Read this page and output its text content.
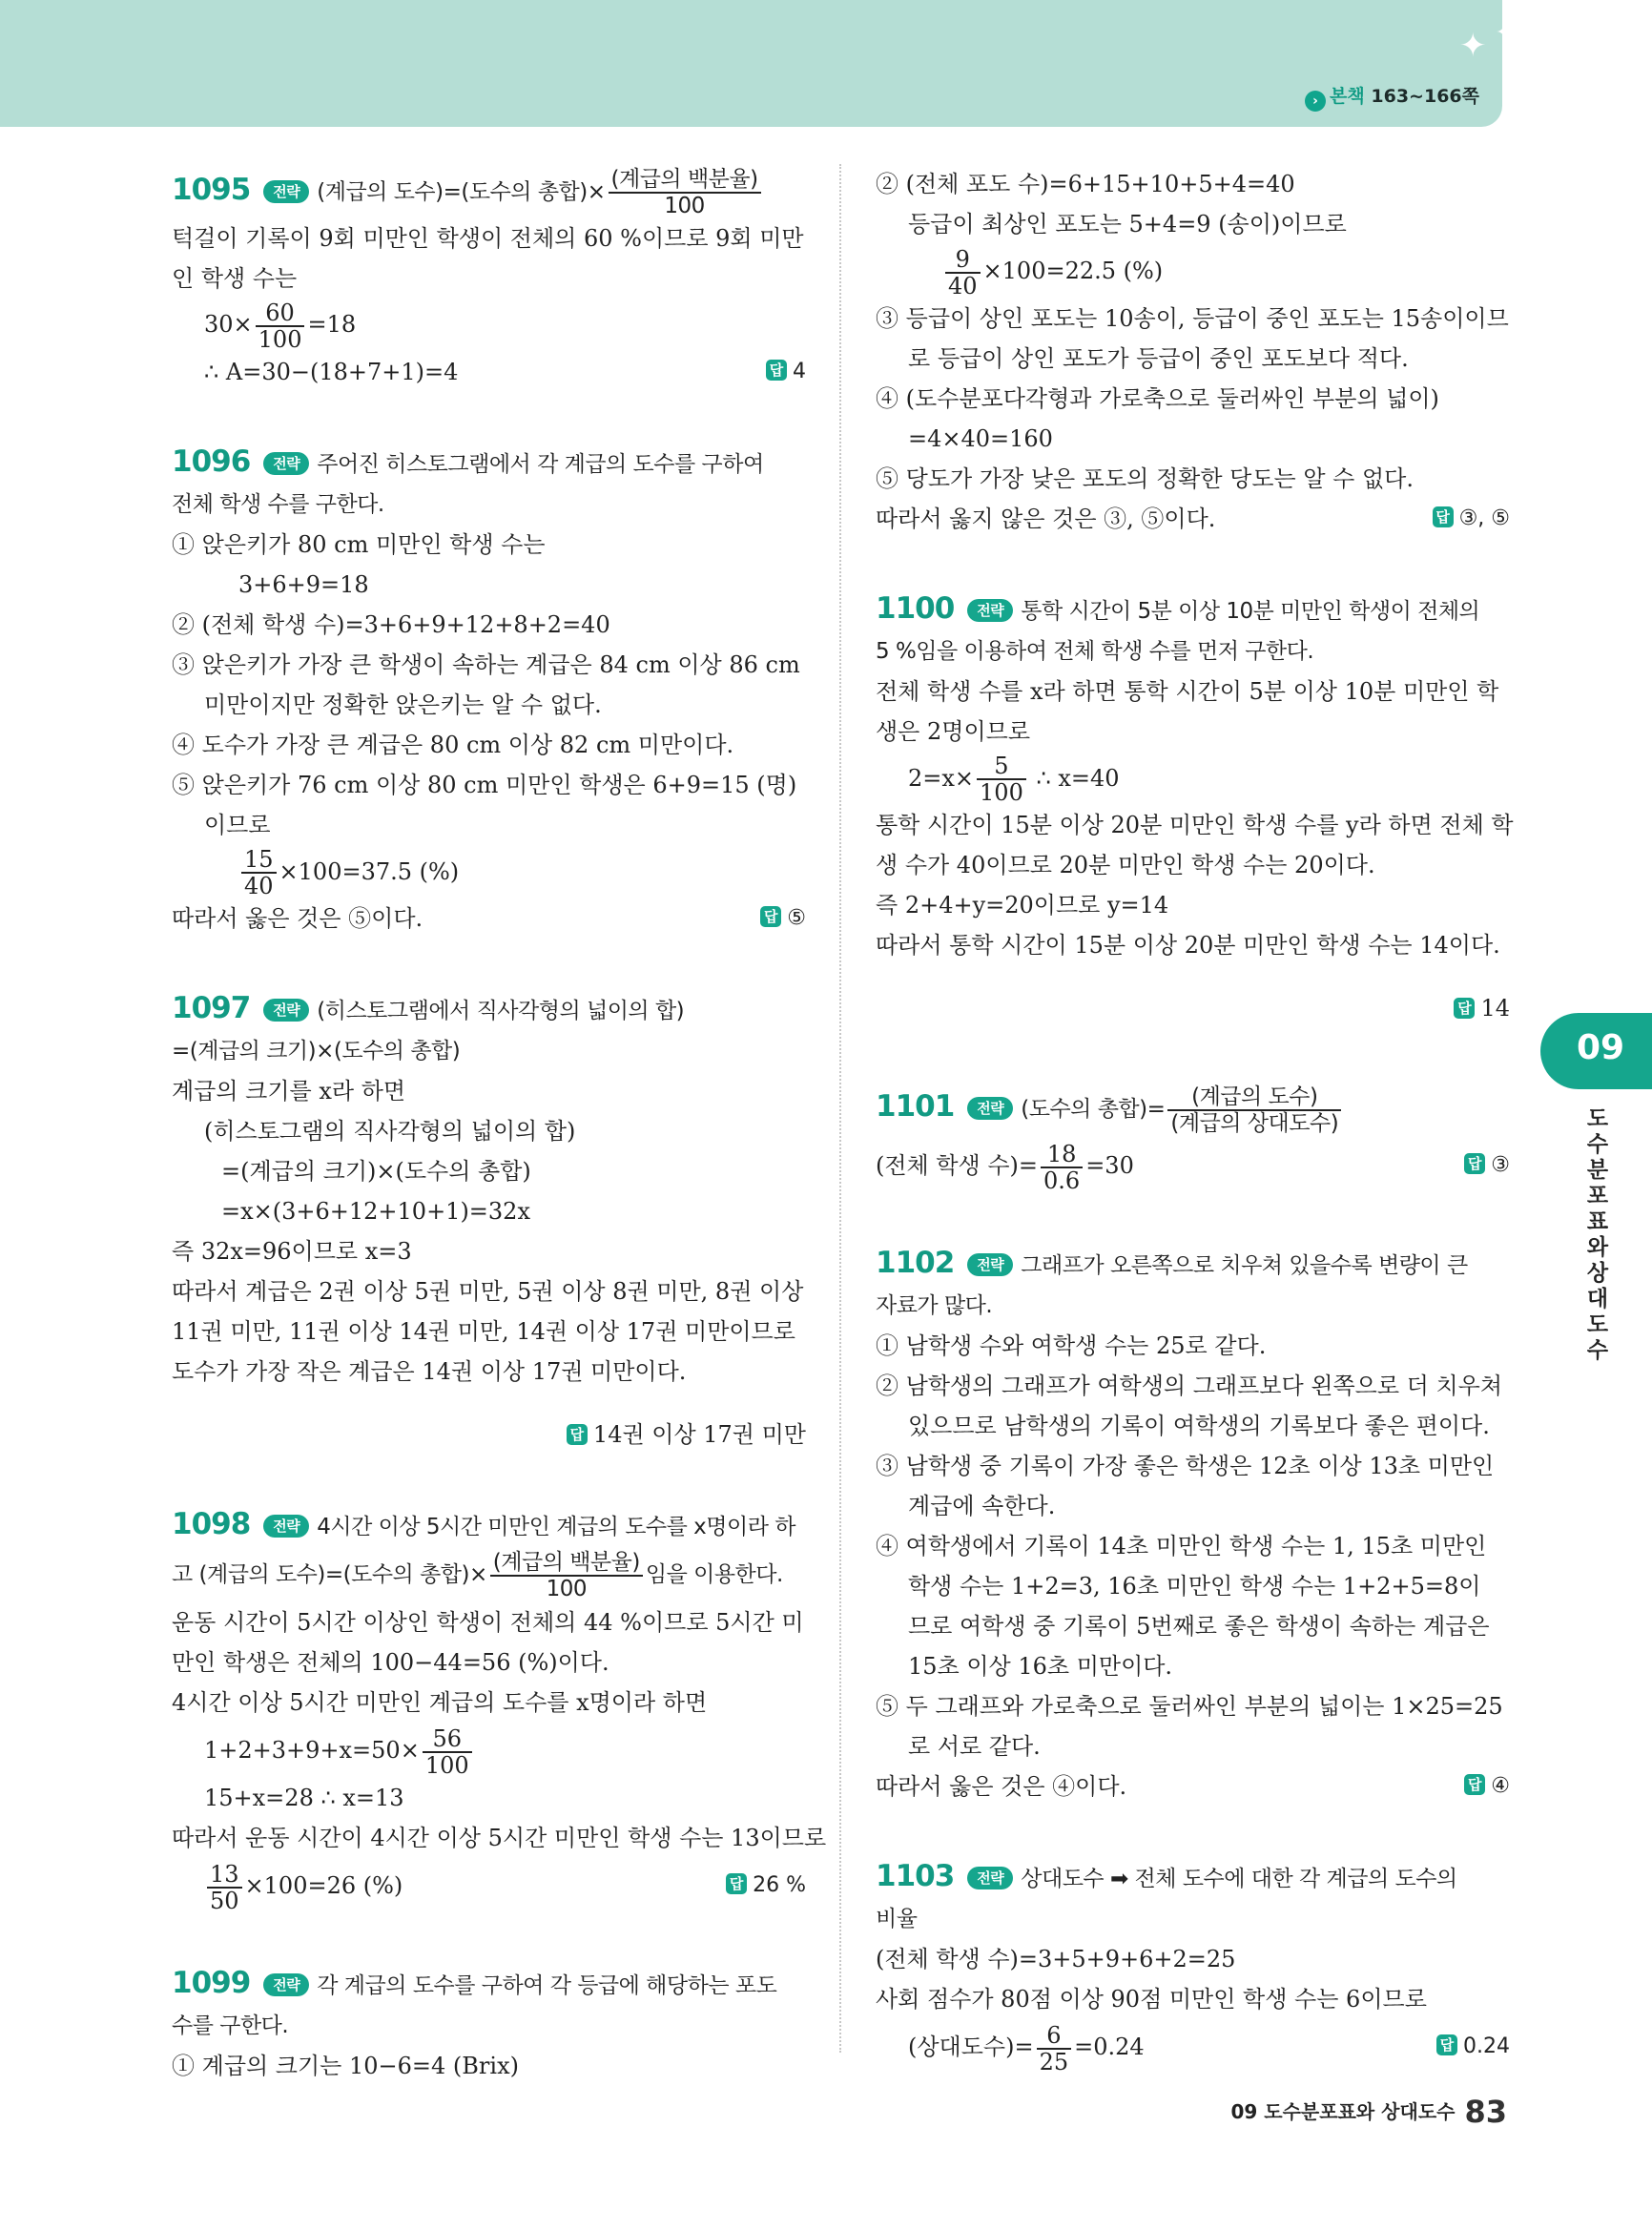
✦ ✦
› 본책 163~166쪽

1095 전략 (계급의 도수)=(도수의 총합)× $\frac{\text{(계급의 백분율)}}{100}$

턱걸이 기록이 9회 미만인 학생이 전체의 60 %이므로 9회 미만

인 학생 수는

$30\times \frac{60}{100} =18$

∴ A=30−(18+7+1)=4	답 4

1096 전략 주어진 히스토그램에서 각 계급의 도수를 구하여

전체 학생 수를 구한다.

① 앉은키가 80 cm 미만인 학생 수는

3+6+9=18

② (전체 학생 수)=3+6+9+12+8+2=40

③ 앉은키가 가장 큰 학생이 속하는 계급은 84 cm 이상 86 cm

미만이지만 정확한 앉은키는 알 수 없다.

④ 도수가 가장 큰 계급은 80 cm 이상 82 cm 미만이다.

⑤ 앉은키가 76 cm 이상 80 cm 미만인 학생은 6+9=15 (명)

이므로

$\frac{15}{40} \times 100=37.5$ (%)

따라서 옳은 것은 ⑤이다.	답 ⑤

1097 전략 (히스토그램에서 직사각형의 넓이의 합)

=(계급의 크기)×(도수의 총합)

계급의 크기를 x라 하면

(히스토그램의 직사각형의 넓이의 합)

=(계급의 크기)×(도수의 총합)

=x×(3+6+12+10+1)=32x

즉 32x=96이므로 x=3

따라서 계급은 2권 이상 5권 미만, 5권 이상 8권 미만, 8권 이상

11권 미만, 11권 이상 14권 미만, 14권 이상 17권 미만이므로

도수가 가장 작은 계급은 14권 이상 17권 미만이다.

답 14권 이상 17권 미만

1098 전략 4시간 이상 5시간 미만인 계급의 도수를 x명이라 하

고 (계급의 도수)=(도수의 총합)× $\frac{\text{(계급의 백분율)}}{100}$ 임을 이용한다.

운동 시간이 5시간 이상인 학생이 전체의 44 %이므로 5시간 미

만인 학생은 전체의 100−44=56 (%)이다.

4시간 이상 5시간 미만인 계급의 도수를 x명이라 하면

$1+2+3+9+x=50\times \frac{56}{100}$

15+x=28 ∴ x=13

따라서 운동 시간이 4시간 이상 5시간 미만인 학생 수는 13이므로

$\frac{13}{50} \times 100=26$ (%)	답 26 %

1099 전략 각 계급의 도수를 구하여 각 등급에 해당하는 포도

수를 구한다.

① 계급의 크기는 10−6=4 (Brix)

② (전체 포도 수)=6+15+10+5+4=40

등급이 최상인 포도는 5+4=9 (송이)이므로

$\frac{9}{40} \times 100=22.5$ (%)

③ 등급이 상인 포도는 10송이, 등급이 중인 포도는 15송이이므

로 등급이 상인 포도가 등급이 중인 포도보다 적다.

④ (도수분포다각형과 가로축으로 둘러싸인 부분의 넓이)

=4×40=160

⑤ 당도가 가장 낮은 포도의 정확한 당도는 알 수 없다.

따라서 옳지 않은 것은 ③, ⑤이다.	답 ③, ⑤

1100 전략 통학 시간이 5분 이상 10분 미만인 학생이 전체의

5 %임을 이용하여 전체 학생 수를 먼저 구한다.

전체 학생 수를 x라 하면 통학 시간이 5분 이상 10분 미만인 학

생은 2명이므로

$2=x\times \frac{5}{100}$ ∴ x=40

통학 시간이 15분 이상 20분 미만인 학생 수를 y라 하면 전체 학

생 수가 40이므로 20분 미만인 학생 수는 20이다.

즉 2+4+y=20이므로 y=14

따라서 통학 시간이 15분 이상 20분 미만인 학생 수는 14이다.

답 14

1101 전략 (도수의 총합)= $\frac{\text{(계급의 도수)}}{\text{(계급의 상대도수)}}$

(전체 학생 수)= $\frac{18}{0.6} =30$	답 ③

1102 전략 그래프가 오른쪽으로 치우쳐 있을수록 변량이 큰

자료가 많다.

① 남학생 수와 여학생 수는 25로 같다.

② 남학생의 그래프가 여학생의 그래프보다 왼쪽으로 더 치우쳐

있으므로 남학생의 기록이 여학생의 기록보다 좋은 편이다.

③ 남학생 중 기록이 가장 좋은 학생은 12초 이상 13초 미만인

계급에 속한다.

④ 여학생에서 기록이 14초 미만인 학생 수는 1, 15초 미만인

학생 수는 1+2=3, 16초 미만인 학생 수는 1+2+5=8이

므로 여학생 중 기록이 5번째로 좋은 학생이 속하는 계급은

15초 이상 16초 미만이다.

⑤ 두 그래프와 가로축으로 둘러싸인 부분의 넓이는 1×25=25

로 서로 같다.

따라서 옳은 것은 ④이다.	답 ④

1103 전략 상대도수 ➡ 전체 도수에 대한 각 계급의 도수의

비율

(전체 학생 수)=3+5+9+6+2=25

사회 점수가 80점 이상 90점 미만인 학생 수는 6이므로

(상대도수)= $\frac{6}{25} =0.24$	답 0.24

09
도수분포표와 상대도수
09 도수분포표와 상대도수 83
